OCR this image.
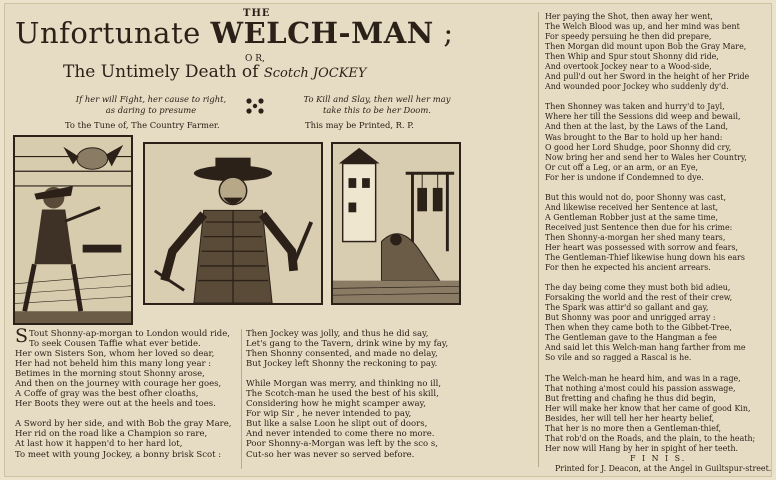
THE
Unfortunate WELCH-MAN ;
O R,
The Untimely Death of Scotch JOCKEY
If her will Fight, her cause to right,
as daring to presume
To Kill and Slay, then well her may
take this to be her Doom.
To the Tune of, The Country Farmer.	This may be Printed, R. P.

S Tout Shonny-ap-morgan to London would ride,

To seek Cousen Taffie what ever betide.

Her own Sisters Son, whom her loved so dear,

Her had not beheld him this many long year :

Betimes in the morning stout Shonny arose,

And then on the journey with courage her goes,

A Coffe of gray was the best ofher cloaths,

Her Boots they were out at the heels and toes.

A Sword by her side, and with Bob the gray Mare,

Her rid on the road like a Champion so rare,

At last how it happen'd to her hard lot,

To meet with young Jockey, a bonny brisk Scot :

Then Jockey was jolly, and thus he did say,

Let's gang to the Tavern, drink wine by my fay,

Then Shonny consented, and made no delay,

But Jockey left Shonny the reckoning to pay.

While Morgan was merry, and thinking no ill,

The Scotch-man he used the best of his skill,

Considering how he might scamper away,

For wip Sir , he never intended to pay,

But like a salse Loon he slipt out of doors,

And never intended to come there no more.

Poor Shonny-a-Morgan was left by the sco s,

Cut-so her was never so served before.

Her paying the Shot, then away her went,

The Welch Blood was up, and her mind was bent

For speedy persuing he then did prepare,

Then Morgan did mount upon Bob the Gray Mare,

Then Whip and Spur stout Shonny did ride,

And overtook Jockey near to a Wood-side,

And pull'd out her Sword in the height of her Pride

And wounded poor Jockey who suddenly dy'd.

Then Shonney was taken and hurry'd to Jayl,

Where her till the Sessions did weep and bewail,

And then at the last, by the Laws of the Land,

Was brought to the Bar to hold up her hand:

O good her Lord Shudge, poor Shonny did cry,

Now bring her and send her to Wales her Country,

Or cut off a Leg, or an arm, or an Eye,

For her is undone if Condemned to dye.

But this would not do, poor Shonny was cast,

And likewise received her Sentence at last,

A Gentleman Robber just at the same time,

Received just Sentence then due for his crime:

Then Shonny-a-morgan her shed many tears,

Her heart was possessed with sorrow and fears,

The Gentleman-Thief likewise hung down his ears

For then he expected his ancient arrears.

The day being come they must both bid adieu,

Forsaking the world and the rest of their crew,

The Spark was attir'd so gallant and gay,

But Shonny was poor and unrigged array :

Then when they came both to the Gibbet-Tree,

The Gentleman gave to the Hangman a fee

And said let this Welch-man hang farther from me

So vile and so ragged a Rascal is he.

The Welch-man he heard him, and was in a rage,

That nothing a'most could his passion asswage,

But fretting and chafing he thus did begin,

Her will make her know that her came of good Kin,

Besides, her will tell her her hearty belief,

That her is no more then a Gentleman-thief,

That rob'd on the Roads, and the plain, to the heath;

Her now will Hang by her in spight of her teeth.

F I N I S.

Printed for J. Deacon, at the Angel in Guiltspur-street.
